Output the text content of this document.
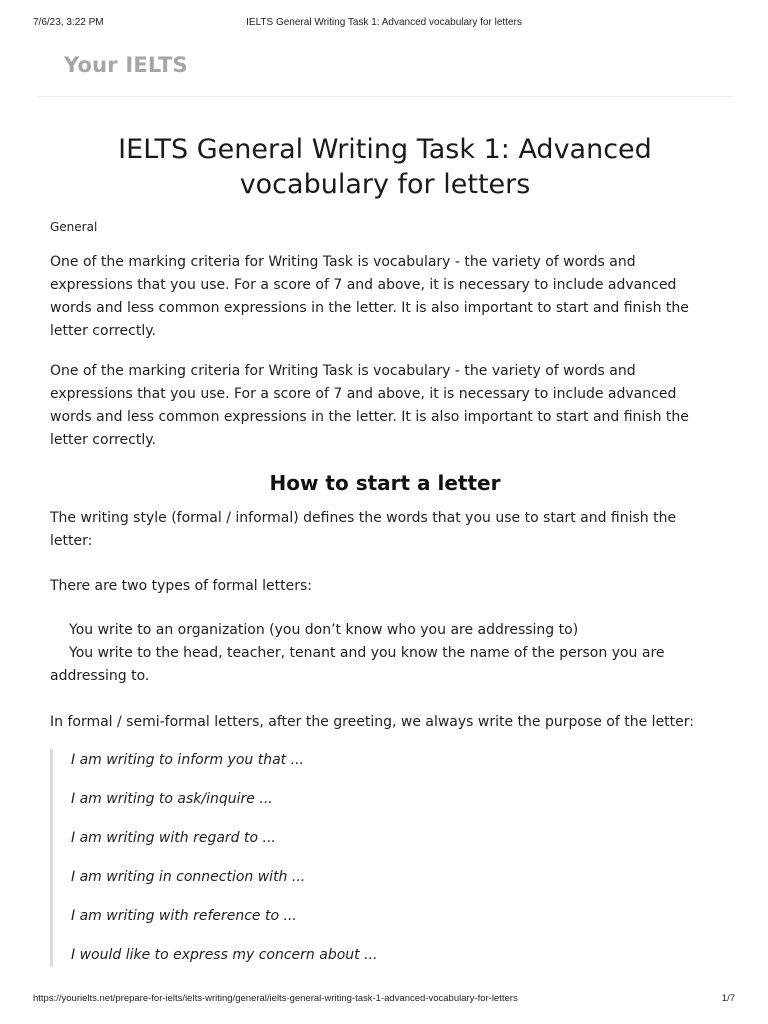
7/6/23, 3:22 PM	IELTS General Writing Task 1: Advanced vocabulary for letters
Your IELTS
IELTS General Writing Task 1: Advanced vocabulary for letters

General

One of the marking criteria for Writing Task is vocabulary - the variety of words and expressions that you use. For a score of 7 and above, it is necessary to include advanced words and less common expressions in the letter. It is also important to start and finish the letter correctly.

One of the marking criteria for Writing Task is vocabulary - the variety of words and expressions that you use. For a score of 7 and above, it is necessary to include advanced words and less common expressions in the letter. It is also important to start and finish the letter correctly.

How to start a letter

The writing style (formal / informal) defines the words that you use to start and finish the letter:

There are two types of formal letters:

You write to an organization (you don’t know who you are addressing to)

You write to the head, teacher, tenant and you know the name of the person you are addressing to.

In formal / semi-formal letters, after the greeting, we always write the purpose of the letter:

I am writing to inform you that ...

I am writing to ask/inquire ...

I am writing with regard to ...

I am writing in connection with ...

I am writing with reference to ...

I would like to express my concern about ...

https://yourielts.net/prepare-for-ielts/ielts-writing/general/ielts-general-writing-task-1-advanced-vocabulary-for-letters	1/7
